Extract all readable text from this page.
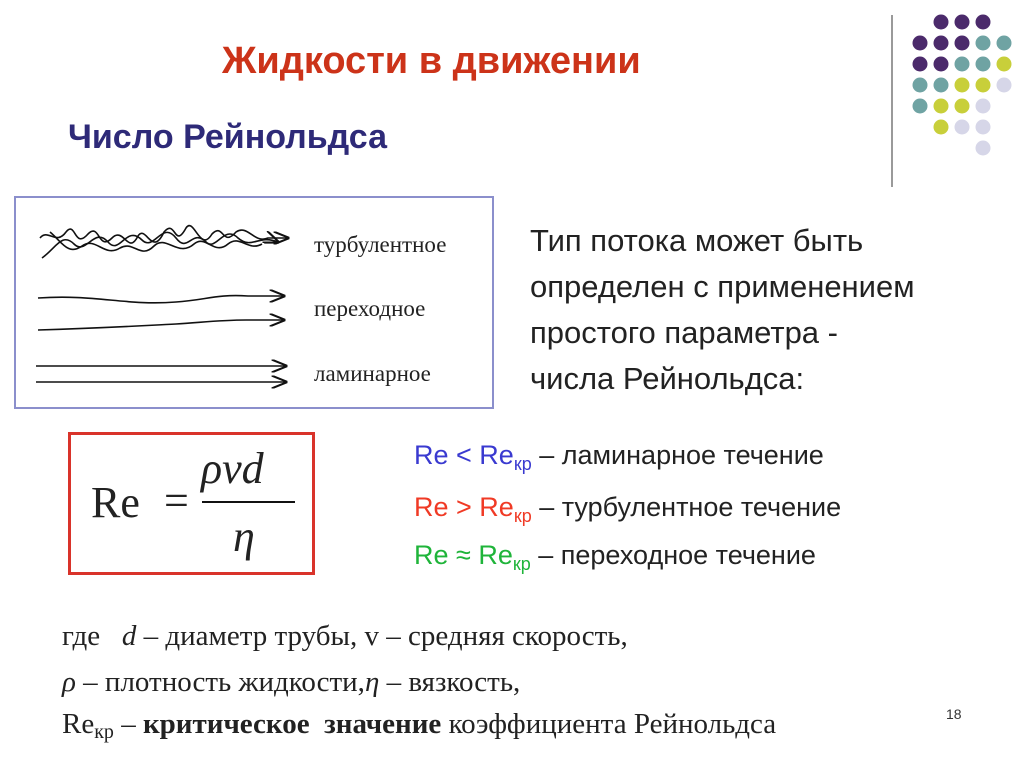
Жидкости в движении
Число Рейнольдса
турбулентное
переходное
ламинарное
Тип потока может быть
определен с применением
простого параметра -
числа Рейнольдса:
Re =
ρvd
η
$Re < Re_{кр}$ – ламинарное течение
$Re > Re_{кр}$ – турбулентное течение
$Re \approx Re_{кр}$ – переходное течение
где   d – диаметр трубы, v – средняя скорость,
ρ – плотность жидкости,η – вязкость,
$Re_{кр}$ – критическое  значение коэффициента Рейнольдса	18
